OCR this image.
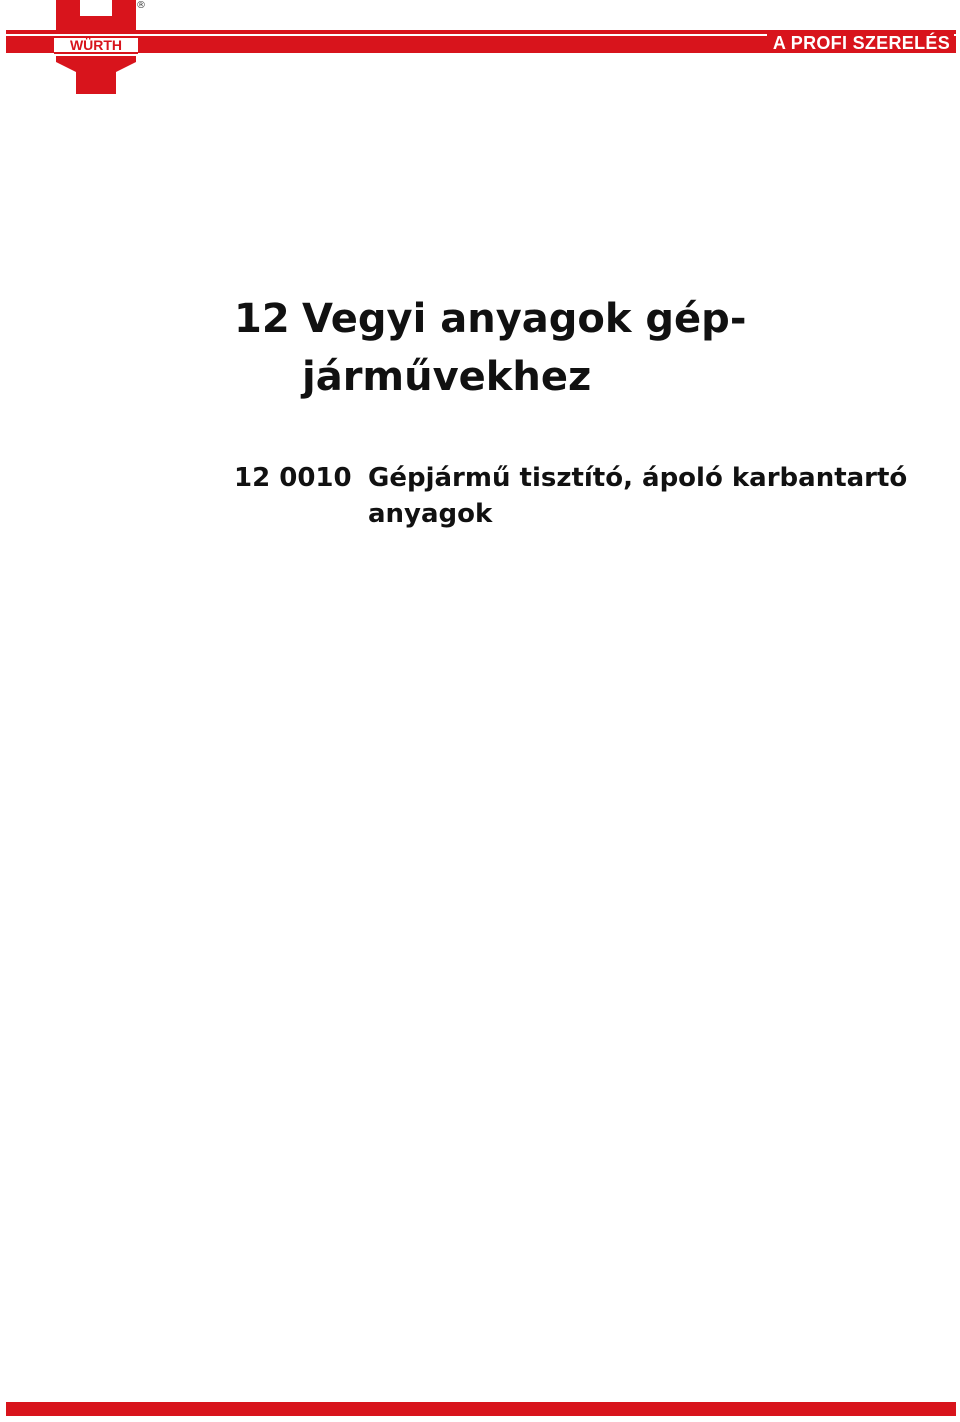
WÜRTH
®
A PROFI SZERELÉS
12 Vegyi anyagok gép-
járművekhez
12 0010 Gépjármű tisztító, ápoló karbantartó anyagok
